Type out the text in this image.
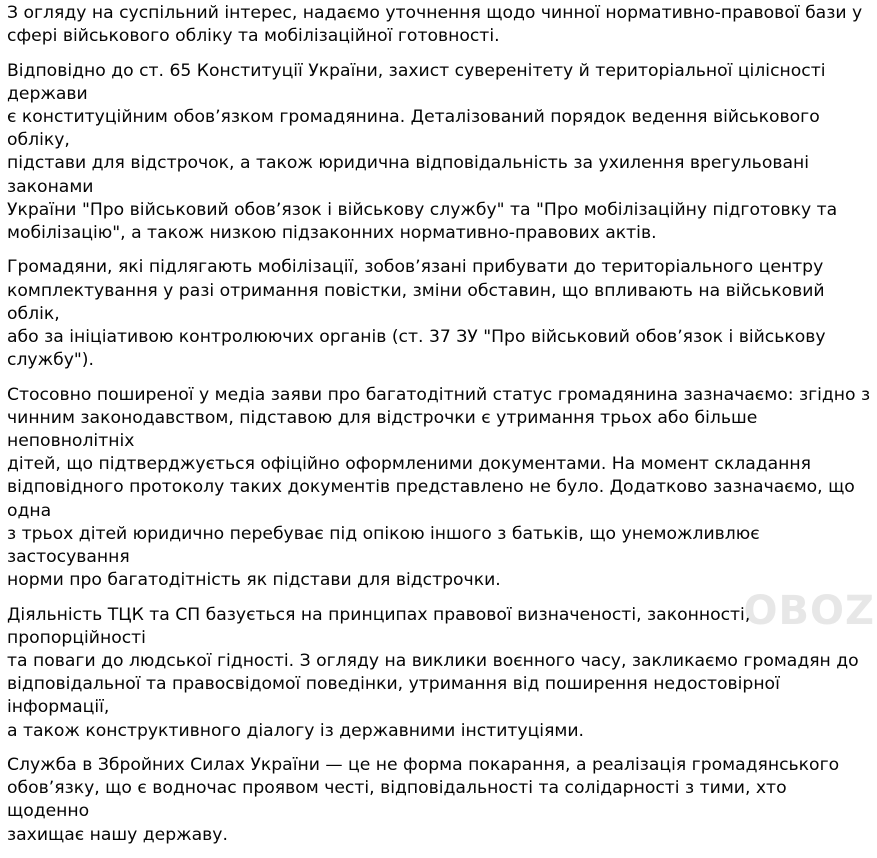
З огляду на суспільний інтерес, надаємо уточнення щодо чинної нормативно-правової бази у
сфері військового обліку та мобілізаційної готовності.

Відповідно до ст. 65 Конституції України, захист суверенітету й територіальної цілісності держави
є конституційним обовʼязком громадянина. Деталізований порядок ведення військового обліку,
підстави для відстрочок, а також юридична відповідальність за ухилення врегульовані законами
України "Про військовий обовʼязок і військову службу" та "Про мобілізаційну підготовку та
мобілізацію", а також низкою підзаконних нормативно-правових актів.

Громадяни, які підлягають мобілізації, зобовʼязані прибувати до територіального центру
комплектування у разі отримання повістки, зміни обставин, що впливають на військовий облік,
або за ініціативою контролюючих органів (ст. 37 ЗУ "Про військовий обовʼязок і військову
службу").

Стосовно поширеної у медіа заяви про багатодітний статус громадянина зазначаємо: згідно з
чинним законодавством, підставою для відстрочки є утримання трьох або більше неповнолітніх
дітей, що підтверджується офіційно оформленими документами. На момент складання
відповідного протоколу таких документів представлено не було. Додатково зазначаємо, що одна
з трьох дітей юридично перебуває під опікою іншого з батьків, що унеможливлює застосування
норми про багатодітність як підстави для відстрочки.

Діяльність ТЦК та СП базується на принципах правової визначеності, законності, пропорційності
та поваги до людської гідності. З огляду на виклики воєнного часу, закликаємо громадян до
відповідальної та правосвідомої поведінки, утримання від поширення недостовірної інформації,
а також конструктивного діалогу із державними інституціями.

Служба в Збройних Силах України — це не форма покарання, а реалізація громадянського
обовʼязку, що є водночас проявом честі, відповідальності та солідарності з тими, хто щоденно
захищає нашу державу.

OBOZ
